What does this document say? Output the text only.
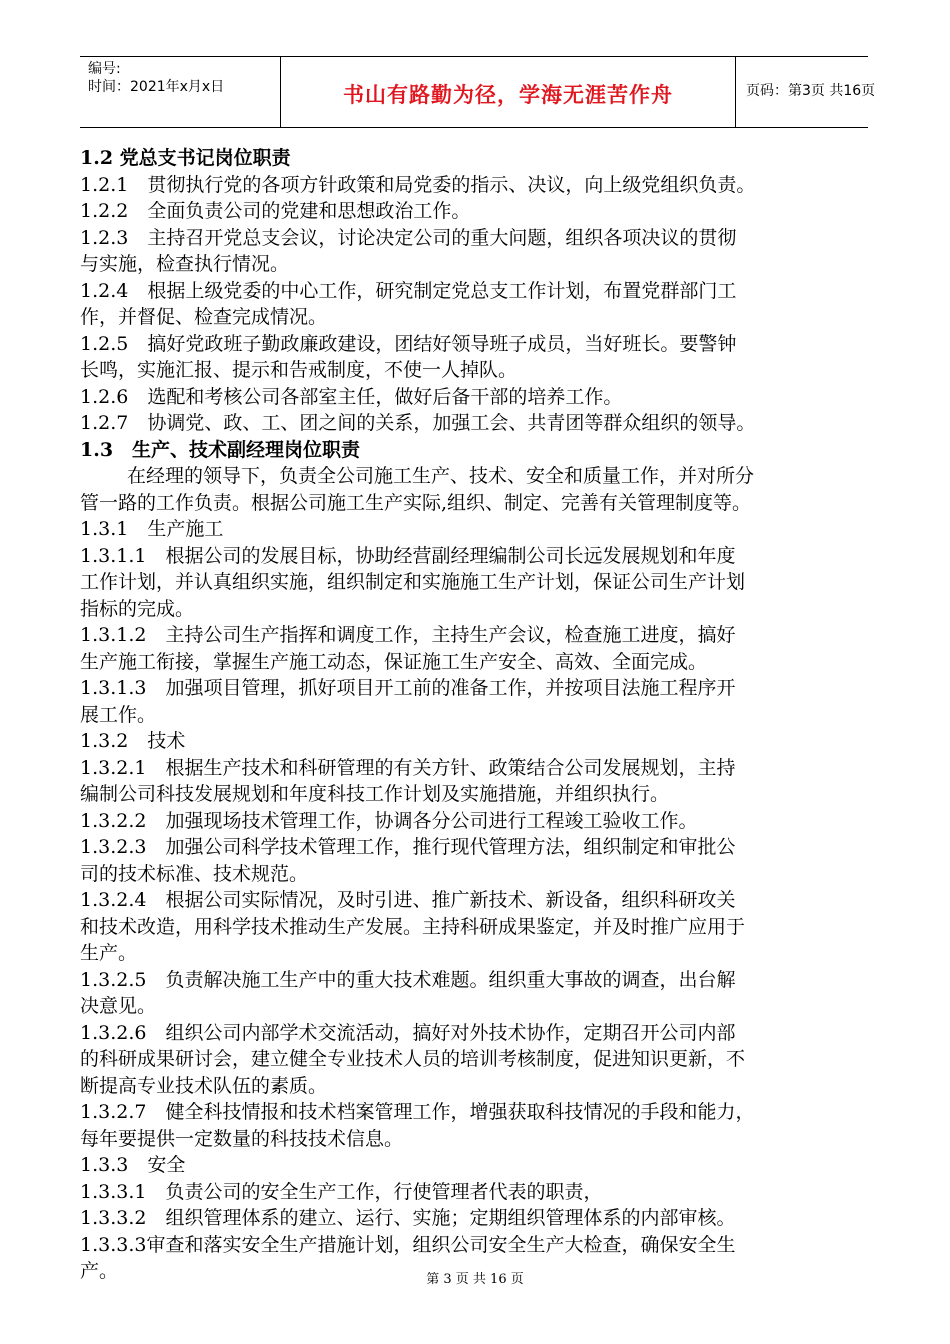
编号:
时间：2021年x月x日	书山有路勤为径，学海无涯苦作舟	页码：第3页 共16页
1.2 党总支书记岗位职责
1.2.1　贯彻执行党的各项方针政策和局党委的指示、决议，向上级党组织负责。
1.2.2　全面负责公司的党建和思想政治工作。
1.2.3　主持召开党总支会议，讨论决定公司的重大问题，组织各项决议的贯彻
与实施，检查执行情况。
1.2.4　根据上级党委的中心工作，研究制定党总支工作计划，布置党群部门工
作，并督促、检查完成情况。
1.2.5　搞好党政班子勤政廉政建设，团结好领导班子成员，当好班长。要警钟
长鸣，实施汇报、提示和告戒制度，不使一人掉队。
1.2.6　选配和考核公司各部室主任，做好后备干部的培养工作。
1.2.7　协调党、政、工、团之间的关系，加强工会、共青团等群众组织的领导。
1.3　生产、技术副经理岗位职责
在经理的领导下，负责全公司施工生产、技术、安全和质量工作，并对所分
管一路的工作负责。根据公司施工生产实际,组织、制定、完善有关管理制度等。
1.3.1　生产施工
1.3.1.1　根据公司的发展目标，协助经营副经理编制公司长远发展规划和年度
工作计划，并认真组织实施，组织制定和实施施工生产计划，保证公司生产计划
指标的完成。
1.3.1.2　主持公司生产指挥和调度工作，主持生产会议，检查施工进度，搞好
生产施工衔接，掌握生产施工动态，保证施工生产安全、高效、全面完成。
1.3.1.3　加强项目管理，抓好项目开工前的准备工作，并按项目法施工程序开
展工作。
1.3.2　技术
1.3.2.1　根据生产技术和科研管理的有关方针、政策结合公司发展规划，主持
编制公司科技发展规划和年度科技工作计划及实施措施，并组织执行。
1.3.2.2　加强现场技术管理工作，协调各分公司进行工程竣工验收工作。
1.3.2.3　加强公司科学技术管理工作，推行现代管理方法，组织制定和审批公
司的技术标准、技术规范。
1.3.2.4　根据公司实际情况，及时引进、推广新技术、新设备，组织科研攻关
和技术改造，用科学技术推动生产发展。主持科研成果鉴定，并及时推广应用于
生产。
1.3.2.5　负责解决施工生产中的重大技术难题。组织重大事故的调查，出台解
决意见。
1.3.2.6　组织公司内部学术交流活动，搞好对外技术协作，定期召开公司内部
的科研成果研讨会，建立健全专业技术人员的培训考核制度，促进知识更新，不
断提高专业技术队伍的素质。
1.3.2.7　健全科技情报和技术档案管理工作，增强获取科技情况的手段和能力，
每年要提供一定数量的科技技术信息。
1.3.3　安全
1.3.3.1　负责公司的安全生产工作，行使管理者代表的职责，
1.3.3.2　组织管理体系的建立、运行、实施；定期组织管理体系的内部审核。
1.3.3.3审查和落实安全生产措施计划，组织公司安全生产大检查，确保安全生
产。	第 3 页 共 16 页
